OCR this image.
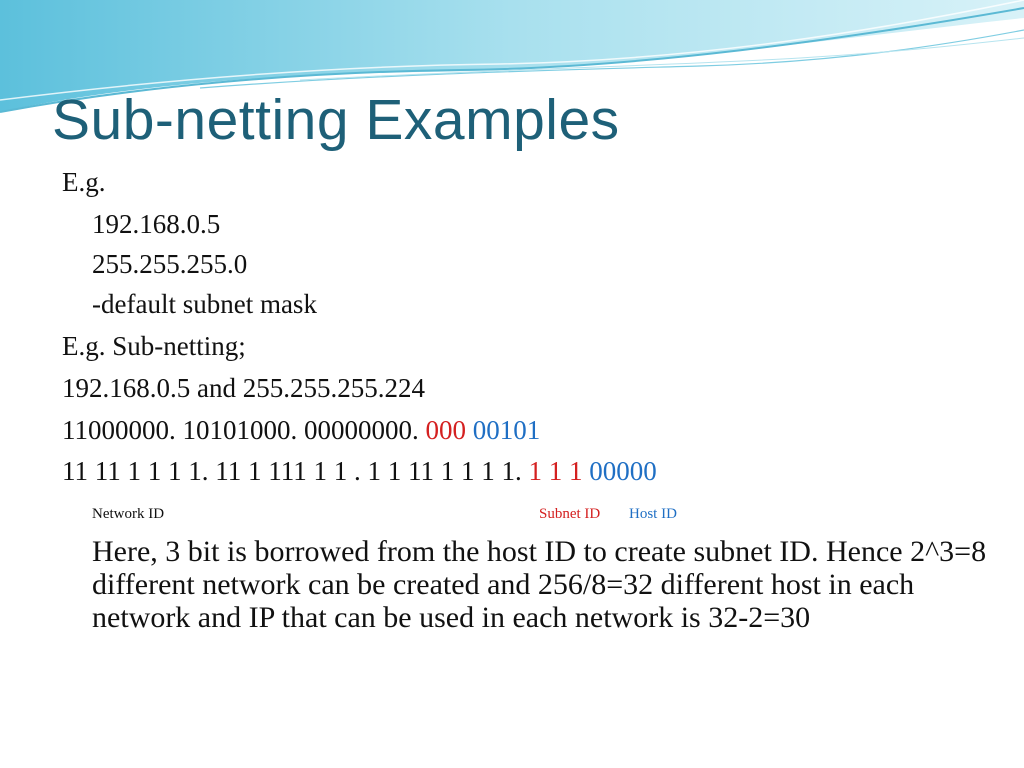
Sub-netting Examples
E.g.
192.168.0.5
255.255.255.0
-default subnet mask
E.g. Sub-netting;
192.168.0.5 and 255.255.255.224
11000000. 10101000. 00000000. 000 00101
11 11 1 1 1 1. 11 1 111 1 1 . 1 1 11 1 1 1 1. 1 1 1 00000
Network ID	Subnet ID Host ID

Here, 3 bit is borrowed from the host ID to create subnet ID. Hence 2^3=8 different network can be created and 256/8=32 different host in each network and IP that can be used in each network is 32-2=30
